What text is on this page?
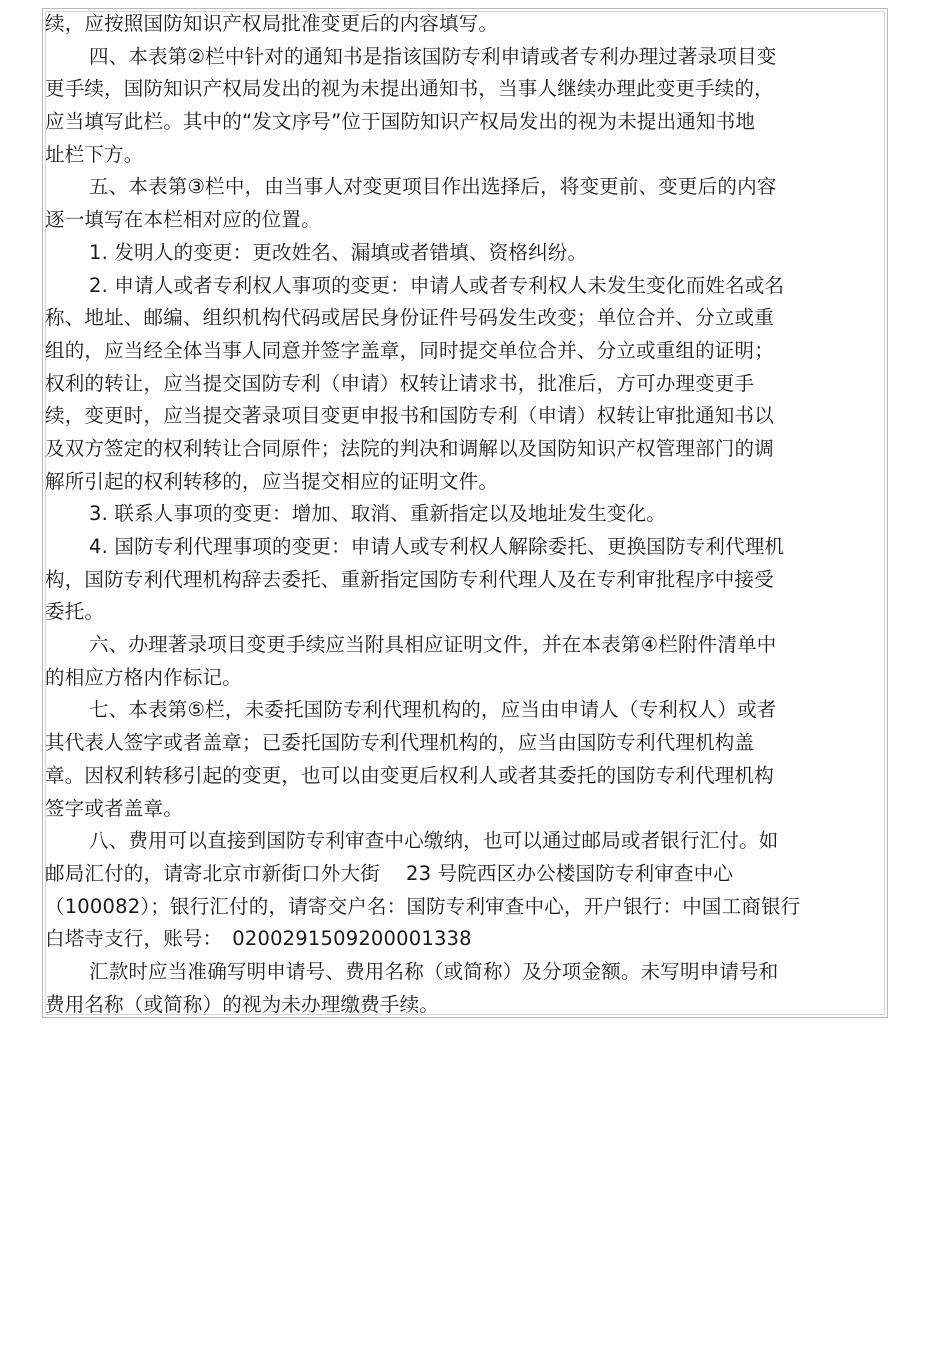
续，应按照国防知识产权局批准变更后的内容填写。
四、本表第②栏中针对的通知书是指该国防专利申请或者专利办理过著录项目变
更手续，国防知识产权局发出的视为未提出通知书，当事人继续办理此变更手续的，
应当填写此栏。其中的“发文序号”位于国防知识产权局发出的视为未提出通知书地
址栏下方。
五、本表第③栏中，由当事人对变更项目作出选择后，将变更前、变更后的内容
逐一填写在本栏相对应的位置。
1. 发明人的变更：更改姓名、漏填或者错填、资格纠纷。
2. 申请人或者专利权人事项的变更：申请人或者专利权人未发生变化而姓名或名
称、地址、邮编、组织机构代码或居民身份证件号码发生改变；单位合并、分立或重
组的，应当经全体当事人同意并签字盖章，同时提交单位合并、分立或重组的证明；
权利的转让，应当提交国防专利（申请）权转让请求书，批准后，方可办理变更手
续，变更时，应当提交著录项目变更申报书和国防专利（申请）权转让审批通知书以
及双方签定的权利转让合同原件；法院的判决和调解以及国防知识产权管理部门的调
解所引起的权利转移的，应当提交相应的证明文件。
3. 联系人事项的变更：增加、取消、重新指定以及地址发生变化。
4. 国防专利代理事项的变更：申请人或专利权人解除委托、更换国防专利代理机
构，国防专利代理机构辞去委托、重新指定国防专利代理人及在专利审批程序中接受
委托。
六、办理著录项目变更手续应当附具相应证明文件，并在本表第④栏附件清单中
的相应方格内作标记。
七、本表第⑤栏，未委托国防专利代理机构的，应当由申请人（专利权人）或者
其代表人签字或者盖章；已委托国防专利代理机构的，应当由国防专利代理机构盖
章。因权利转移引起的变更，也可以由变更后权利人或者其委托的国防专利代理机构
签字或者盖章。
八、费用可以直接到国防专利审查中心缴纳，也可以通过邮局或者银行汇付。如
邮局汇付的，请寄北京市新街口外大街　 23 号院西区办公楼国防专利审查中心
（100082）；银行汇付的，请寄交户名：国防专利审查中心，开户银行：中国工商银行
白塔寺支行，账号：　0200291509200001338
汇款时应当准确写明申请号、费用名称（或简称）及分项金额。未写明申请号和
费用名称（或简称）的视为未办理缴费手续。
